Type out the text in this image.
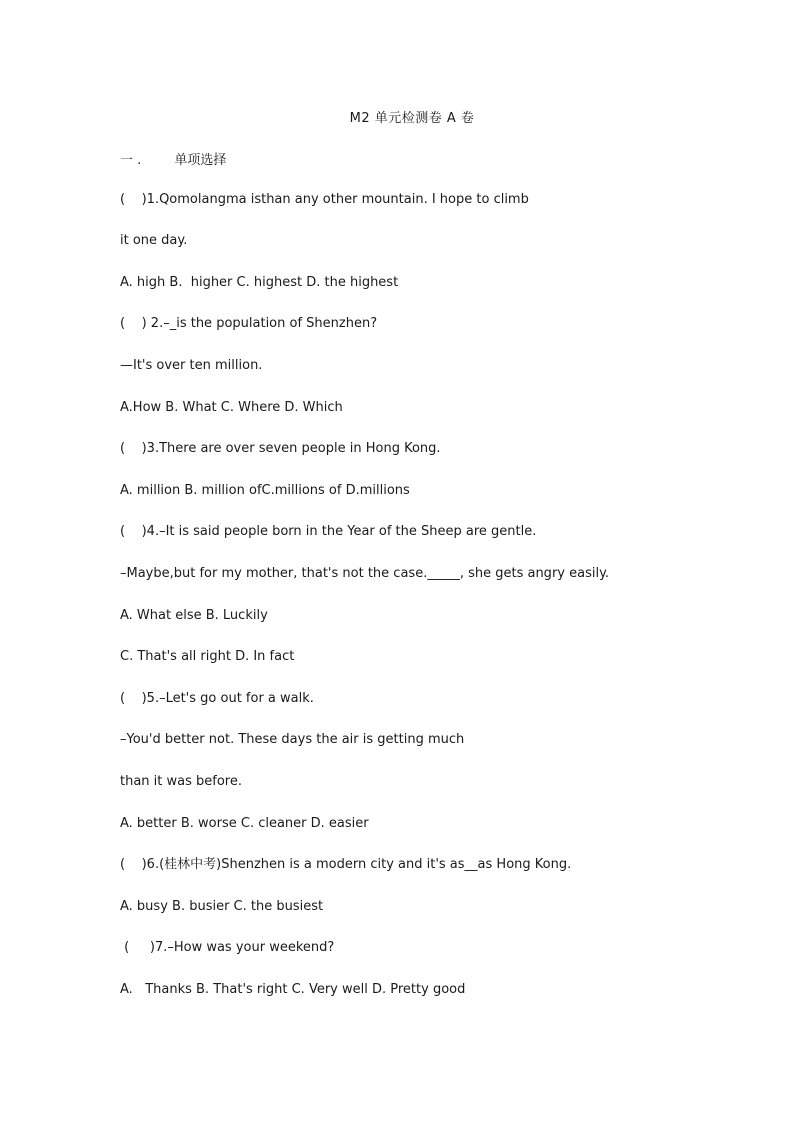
M2 单元检测卷 A 卷
一 .        单项选择
(    )1.Qomolangma isthan any other mountain. I hope to climb
it one day.
A. high B.  higher C. highest D. the highest
(    ) 2.–_is the population of Shenzhen?
—It's over ten million.
A.How B. What C. Where D. Which
(    )3.There are over seven people in Hong Kong.
A. million B. million ofC.millions of D.millions
(    )4.–It is said people born in the Year of the Sheep are gentle.
–Maybe,but for my mother, that's not the case._____, she gets angry easily.
A. What else B. Luckily
C. That's all right D. In fact
(    )5.–Let's go out for a walk.
–You'd better not. These days the air is getting much
than it was before.
A. better B. worse C. cleaner D. easier
(    )6.(桂林中考)Shenzhen is a modern city and it's as__as Hong Kong.
A. busy B. busier C. the busiest
(     )7.–How was your weekend?
A.   Thanks B. That's right C. Very well D. Pretty good
